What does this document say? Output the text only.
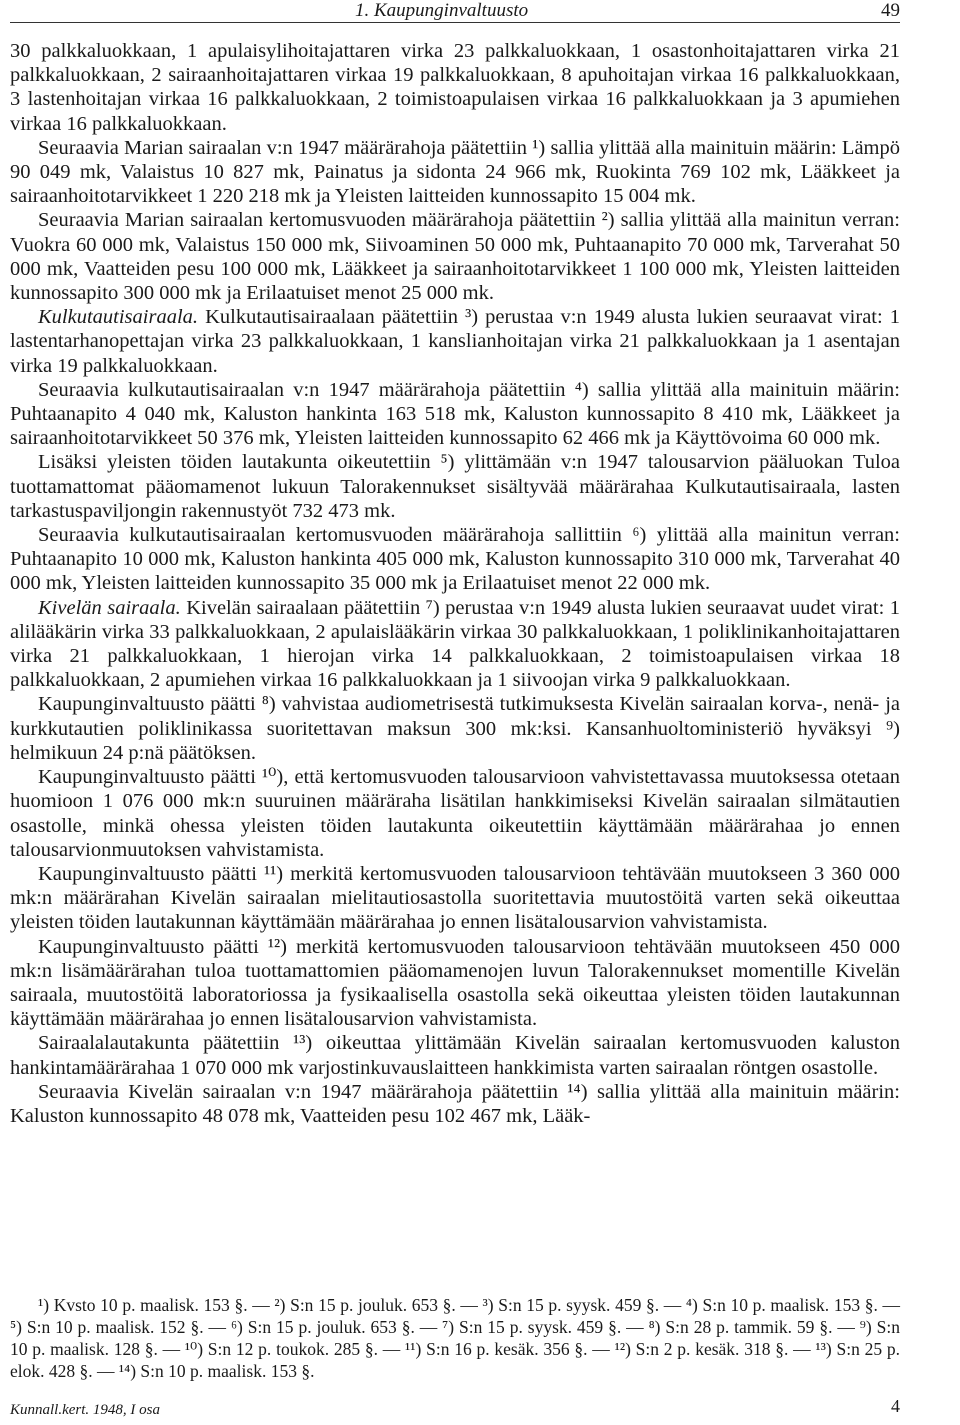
1. Kaupunginvaltuusto	49

30 palkkaluokkaan, 1 apulaisylihoitajattaren virka 23 palkkaluokkaan, 1 osastonhoitajattaren virka 21 palkkaluokkaan, 2 sairaanhoitajattaren virkaa 19 palkkaluokkaan, 8 apuhoitajan virkaa 16 palkkaluokkaan, 3 lastenhoitajan virkaa 16 palkkaluokkaan, 2 toimistoapulaisen virkaa 16 palkkaluokkaan ja 3 apumiehen virkaa 16 palkkaluokkaan.

Seuraavia Marian sairaalan v:n 1947 määrärahoja päätettiin ¹) sallia ylittää alla mainituin määrin: Lämpö 90 049 mk, Valaistus 10 827 mk, Painatus ja sidonta 24 966 mk, Ruokinta 769 102 mk, Lääkkeet ja sairaanhoitotarvikkeet 1 220 218 mk ja Yleisten laitteiden kunnossapito 15 004 mk.

Seuraavia Marian sairaalan kertomusvuoden määrärahoja päätettiin ²) sallia ylittää alla mainitun verran: Vuokra 60 000 mk, Valaistus 150 000 mk, Siivoaminen 50 000 mk, Puhtaanapito 70 000 mk, Tarverahat 50 000 mk, Vaatteiden pesu 100 000 mk, Lääkkeet ja sairaanhoitotarvikkeet 1 100 000 mk, Yleisten laitteiden kunnossapito 300 000 mk ja Erilaatuiset menot 25 000 mk.

Kulkutautisairaala. Kulkutautisairaalaan päätettiin ³) perustaa v:n 1949 alusta lukien seuraavat virat: 1 lastentarhanopettajan virka 23 palkkaluokkaan, 1 kanslianhoitajan virka 21 palkkaluokkaan ja 1 asentajan virka 19 palkkaluokkaan.

Seuraavia kulkutautisairaalan v:n 1947 määrärahoja päätettiin ⁴) sallia ylittää alla mainituin määrin: Puhtaanapito 4 040 mk, Kaluston hankinta 163 518 mk, Kaluston kunnossapito 8 410 mk, Lääkkeet ja sairaanhoitotarvikkeet 50 376 mk, Yleisten laitteiden kunnossapito 62 466 mk ja Käyttövoima 60 000 mk.

Lisäksi yleisten töiden lautakunta oikeutettiin ⁵) ylittämään v:n 1947 talousarvion pääluokan Tuloa tuottamattomat pääomamenot lukuun Talorakennukset sisältyvää määrärahaa Kulkutautisairaala, lasten tarkastuspaviljongin rakennustyöt 732 473 mk.

Seuraavia kulkutautisairaalan kertomusvuoden määrärahoja sallittiin ⁶) ylittää alla mainitun verran: Puhtaanapito 10 000 mk, Kaluston hankinta 405 000 mk, Kaluston kunnossapito 310 000 mk, Tarverahat 40 000 mk, Yleisten laitteiden kunnossapito 35 000 mk ja Erilaatuiset menot 22 000 mk.

Kivelän sairaala. Kivelän sairaalaan päätettiin ⁷) perustaa v:n 1949 alusta lukien seuraavat uudet virat: 1 alilääkärin virka 33 palkkaluokkaan, 2 apulaislääkärin virkaa 30 palkkaluokkaan, 1 poliklinikanhoitajattaren virka 21 palkkaluokkaan, 1 hierojan virka 14 palkkaluokkaan, 2 toimistoapulaisen virkaa 18 palkkaluokkaan, 2 apumiehen virkaa 16 palkkaluokkaan ja 1 siivoojan virka 9 palkkaluokkaan.

Kaupunginvaltuusto päätti ⁸) vahvistaa audiometrisestä tutkimuksesta Kivelän sairaalan korva-, nenä- ja kurkkutautien poliklinikassa suoritettavan maksun 300 mk:ksi. Kansanhuoltoministeriö hyväksyi ⁹) helmikuun 24 p:nä päätöksen.

Kaupunginvaltuusto päätti ¹⁰), että kertomusvuoden talousarvioon vahvistettavassa muutoksessa otetaan huomioon 1 076 000 mk:n suuruinen määräraha lisätilan hankkimiseksi Kivelän sairaalan silmätautien osastolle, minkä ohessa yleisten töiden lautakunta oikeutettiin käyttämään määrärahaa jo ennen talousarvionmuutoksen vahvistamista.

Kaupunginvaltuusto päätti ¹¹) merkitä kertomusvuoden talousarvioon tehtävään muutokseen 3 360 000 mk:n määrärahan Kivelän sairaalan mielitautiosastolla suoritettavia muutostöitä varten sekä oikeuttaa yleisten töiden lautakunnan käyttämään määrärahaa jo ennen lisätalousarvion vahvistamista.

Kaupunginvaltuusto päätti ¹²) merkitä kertomusvuoden talousarvioon tehtävään muutokseen 450 000 mk:n lisämäärärahan tuloa tuottamattomien pääomamenojen luvun Talorakennukset momentille Kivelän sairaala, muutostöitä laboratoriossa ja fysikaalisella osastolla sekä oikeuttaa yleisten töiden lautakunnan käyttämään määrärahaa jo ennen lisätalousarvion vahvistamista.

Sairaalalautakunta päätettiin ¹³) oikeuttaa ylittämään Kivelän sairaalan kertomusvuoden kaluston hankintamäärärahaa 1 070 000 mk varjostinkuvauslaitteen hankkimista varten sairaalan röntgen osastolle.

Seuraavia Kivelän sairaalan v:n 1947 määrärahoja päätettiin ¹⁴) sallia ylittää alla mainituin määrin: Kaluston kunnossapito 48 078 mk, Vaatteiden pesu 102 467 mk, Lääk-

¹) Kvsto 10 p. maalisk. 153 §. — ²) S:n 15 p. jouluk. 653 §. — ³) S:n 15 p. syysk. 459 §. — ⁴) S:n 10 p. maalisk. 153 §. — ⁵) S:n 10 p. maalisk. 152 §. — ⁶) S:n 15 p. jouluk. 653 §. — ⁷) S:n 15 p. syysk. 459 §. — ⁸) S:n 28 p. tammik. 59 §. — ⁹) S:n 10 p. maalisk. 128 §. — ¹⁰) S:n 12 p. toukok. 285 §. — ¹¹) S:n 16 p. kesäk. 356 §. — ¹²) S:n 2 p. kesäk. 318 §. — ¹³) S:n 25 p. elok. 428 §. — ¹⁴) S:n 10 p. maalisk. 153 §.

Kunnall.kert. 1948, I osa	4
